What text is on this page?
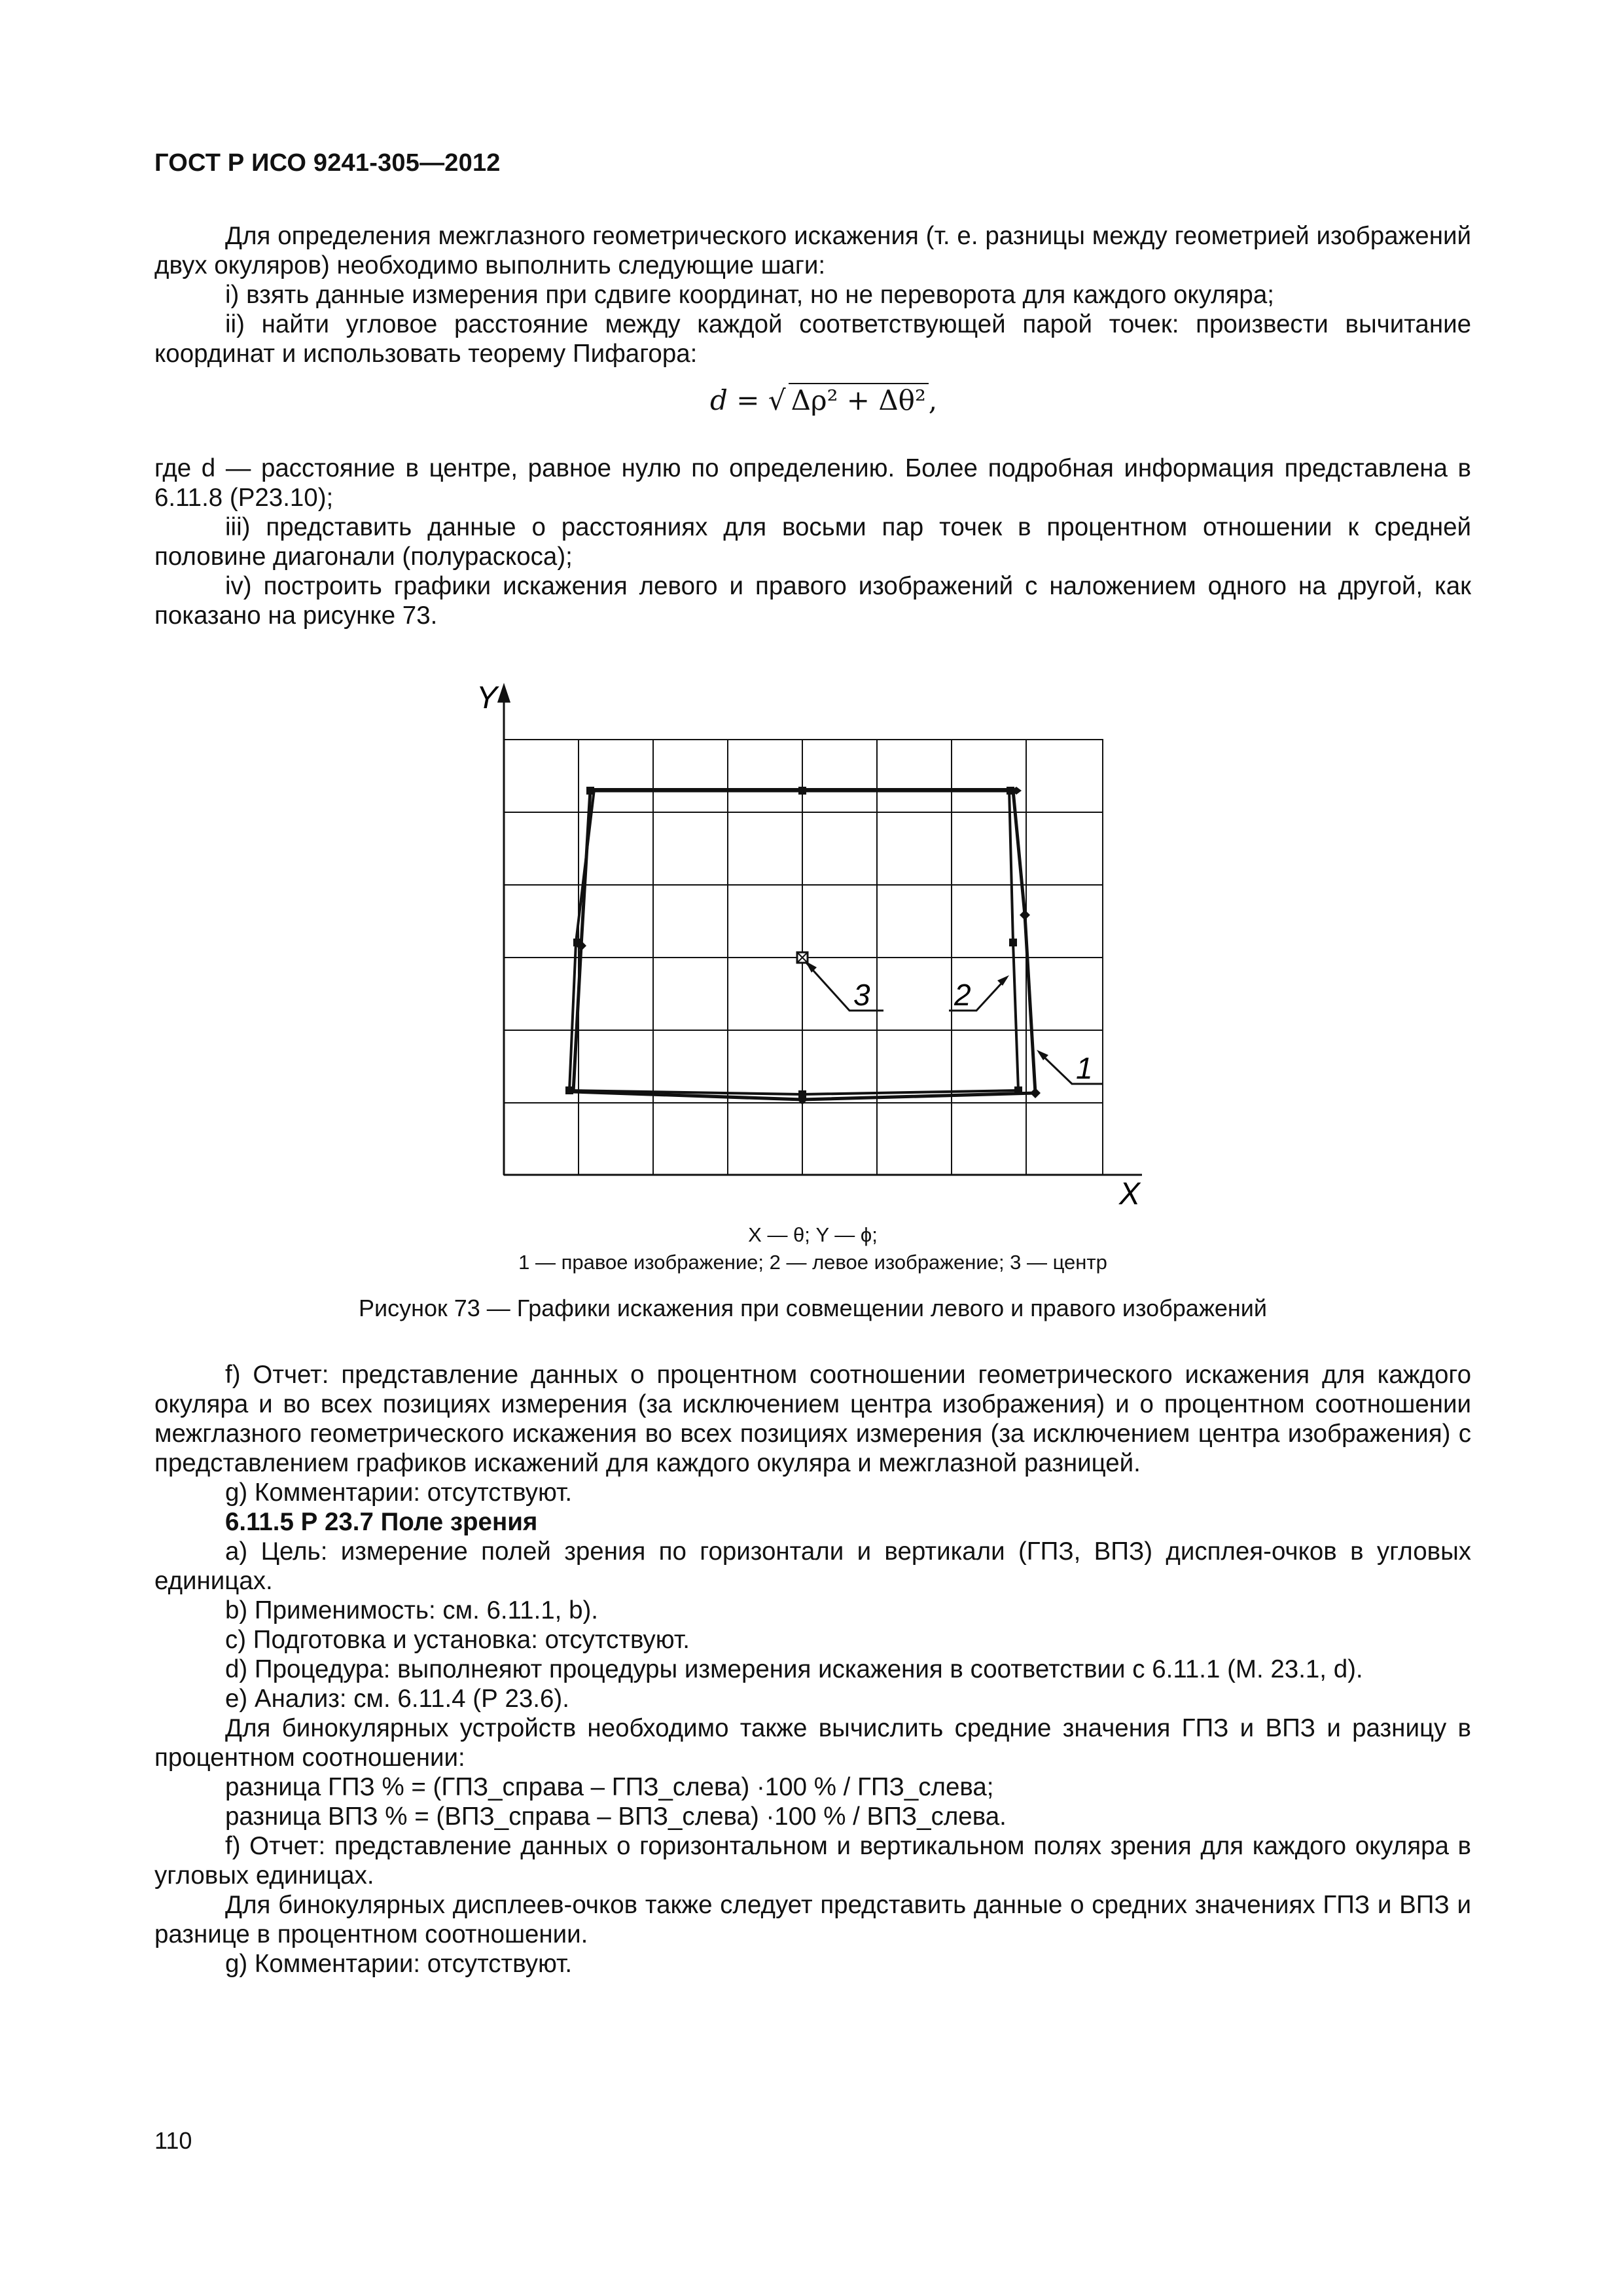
ГОСТ Р ИСО 9241-305—2012

Для определения межглазного геометрического искажения (т. е. разницы между геометрией изображений двух окуляров) необходимо выполнить следующие шаги:

i) взять данные измерения при сдвиге координат, но не переворота для каждого окуляра;

ii) найти угловое расстояние между каждой соответствующей парой точек: произвести вычитание координат и использовать теорему Пифагора:

d = √ Δρ² + Δθ²,

где d — расстояние в центре, равное нулю по определению. Более подробная информация представлена в 6.11.8 (Р23.10);

iii) представить данные о расстояниях для восьми пар точек в процентном отношении к средней половине диагонали (полураскоса);

iv) построить графики искажения левого и правого изображений с наложением одного на другой, как показано на рисунке 73.

Y
X
3	2
1
X — θ; Y — ϕ;
1 — правое изображение; 2 — левое изображение; 3 — центр
Рисунок 73 — Графики искажения при совмещении левого и правого изображений

f) Отчет: представление данных о процентном соотношении геометрического искажения для каждого окуляра и во всех позициях измерения (за исключением центра изображения) и о процентном соотношении межглазного геометрического искажения во всех позициях измерения (за исключением центра изображения) с представлением графиков искажений для каждого окуляра и межглазной разницей.

g) Комментарии: отсутствуют.

6.11.5 Р 23.7 Поле зрения

a) Цель: измерение полей зрения по горизонтали и вертикали (ГПЗ, ВПЗ) дисплея-очков в угловых единицах.

b) Применимость: см. 6.11.1, b).

c) Подготовка и установка: отсутствуют.

d) Процедура: выполнеяют процедуры измерения искажения в соответствии с 6.11.1 (М. 23.1, d).

e) Анализ: см. 6.11.4 (Р 23.6).

Для бинокулярных устройств необходимо также вычислить средние значения ГПЗ и ВПЗ и разницу в процентном соотношении:

разница ГПЗ % = (ГПЗ_справа – ГПЗ_слева) ·100 % / ГПЗ_слева;

разница ВПЗ % = (ВПЗ_справа – ВПЗ_слева) ·100 % / ВПЗ_слева.

f) Отчет: представление данных о горизонтальном и вертикальном полях зрения для каждого окуляра в угловых единицах.

Для бинокулярных дисплеев-очков также следует представить данные о средних значениях ГПЗ и ВПЗ и разнице в процентном соотношении.

g) Комментарии: отсутствуют.

110
